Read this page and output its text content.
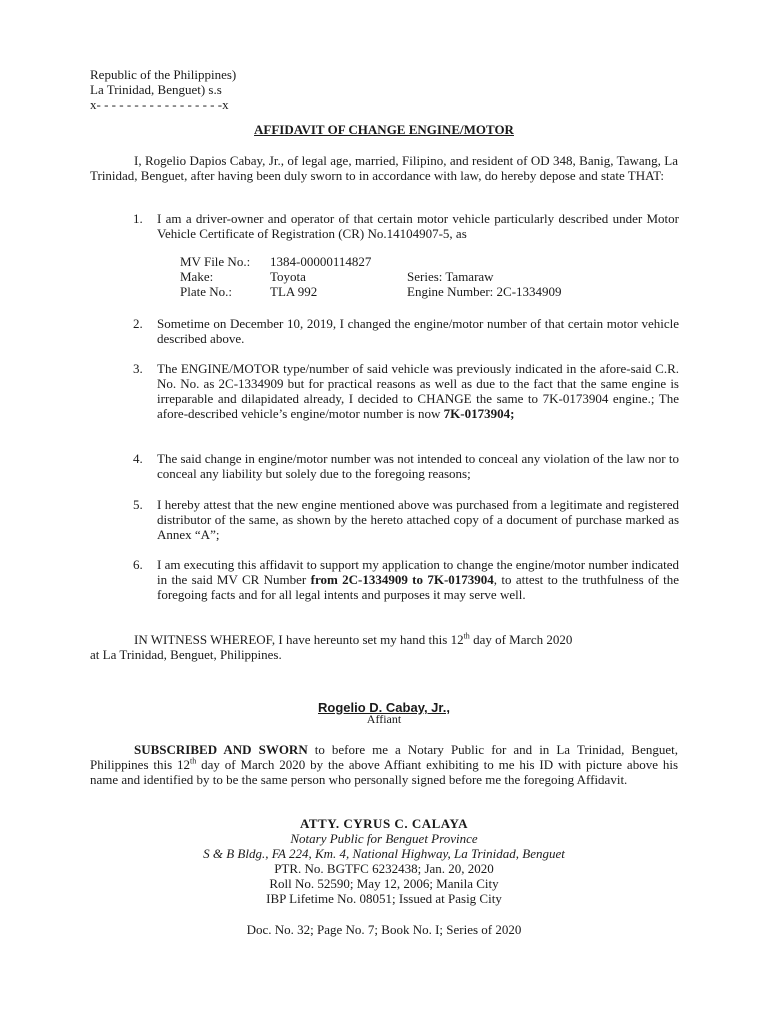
Republic of the Philippines)
La Trinidad, Benguet) s.s
x- - - - - - - - - - - - - - - - -x
AFFIDAVIT OF CHANGE ENGINE/MOTOR
I, Rogelio Dapios Cabay, Jr., of legal age, married, Filipino, and resident of OD 348, Banig, Tawang, La Trinidad, Benguet, after having been duly sworn to in accordance with law, do hereby depose and state THAT:
1.	I am a driver-owner and operator of that certain motor vehicle particularly described under Motor Vehicle Certificate of Registration (CR) No.14104907-5, as
MV File No.: 1384-00000114827
Make:	Toyota	Series: Tamaraw
Plate No.:	TLA 992	Engine Number: 2C-1334909
2.	Sometime on December 10, 2019, I changed the engine/motor number of that certain motor vehicle described above.
3.	The ENGINE/MOTOR type/number of said vehicle was previously indicated in the afore-said C.R. No. No. as 2C-1334909 but for practical reasons as well as due to the fact that the same engine is irreparable and dilapidated already, I decided to CHANGE the same to 7K-0173904 engine.; The afore-described vehicle’s engine/motor number is now 7K-0173904;
4.	The said change in engine/motor number was not intended to conceal any violation of the law nor to conceal any liability but solely due to the foregoing reasons;
5.	I hereby attest that the new engine mentioned above was purchased from a legitimate and registered distributor of the same, as shown by the hereto attached copy of a document of purchase marked as Annex “A”;
6.	I am executing this affidavit to support my application to change the engine/motor number indicated in the said MV CR Number from 2C-1334909 to 7K-0173904, to attest to the truthfulness of the foregoing facts and for all legal intents and purposes it may serve well.
IN WITNESS WHEREOF, I have hereunto set my hand this 12th day of March 2020
at La Trinidad, Benguet, Philippines.
Rogelio D. Cabay, Jr.,
Affiant
SUBSCRIBED AND SWORN to before me a Notary Public for and in La Trinidad, Benguet, Philippines this 12th day of March 2020 by the above Affiant exhibiting to me his ID with picture above his name and identified by to be the same person who personally signed before me the foregoing Affidavit.
ATTY. CYRUS C. CALAYA
Notary Public for Benguet Province
S & B Bldg., FA 224, Km. 4, National Highway, La Trinidad, Benguet
PTR. No. BGTFC 6232438; Jan. 20, 2020
Roll No. 52590; May 12, 2006; Manila City
IBP Lifetime No. 08051; Issued at Pasig City
Doc. No. 32; Page No. 7; Book No. I; Series of 2020
